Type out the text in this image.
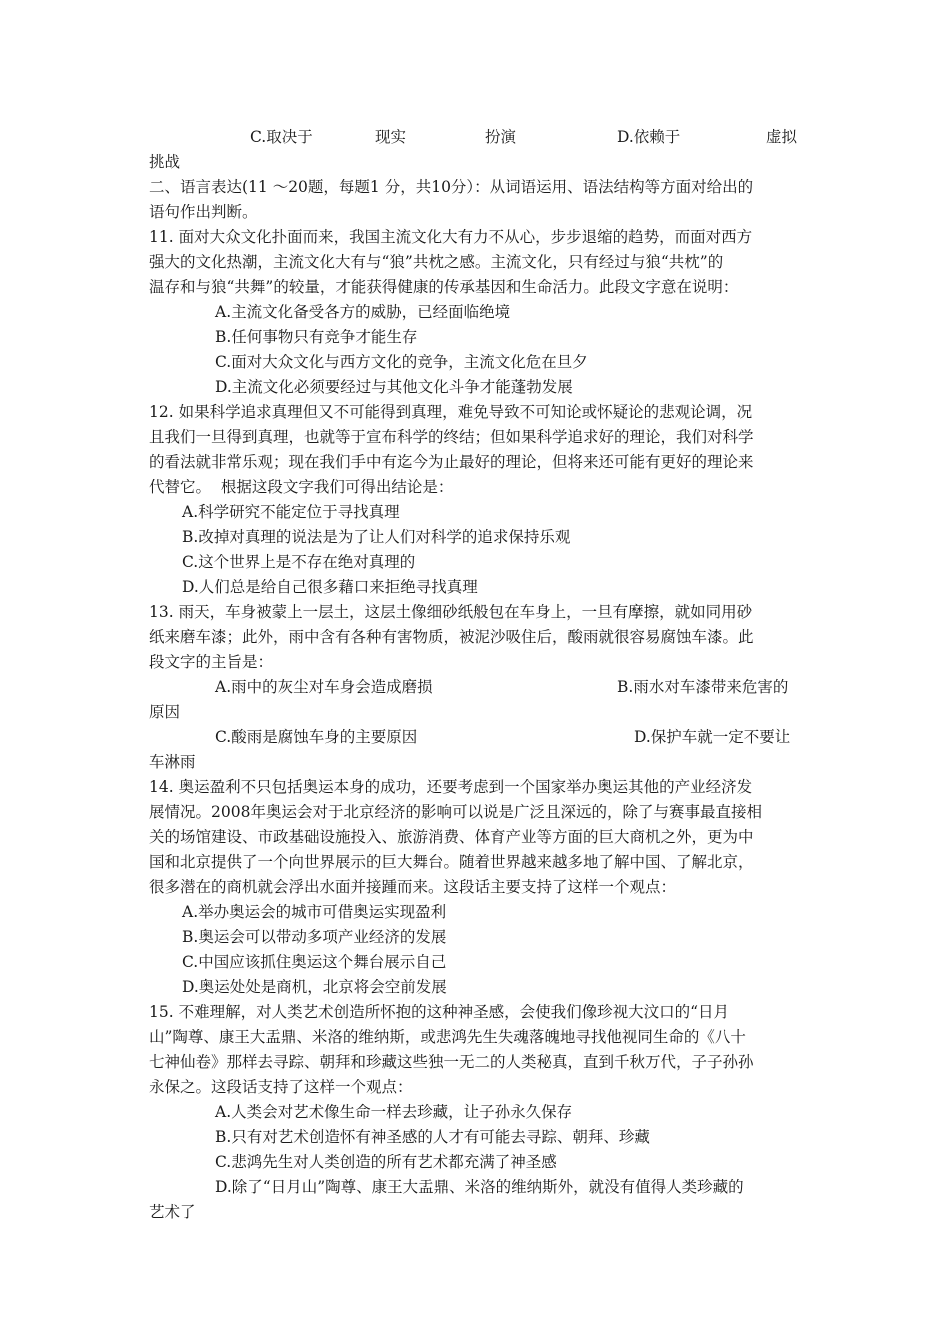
C.取决于	现实	扮演	D.依赖于	虚拟
挑战
二、语言表达(11 ～20题，每题1 分，共10分）：从词语运用、语法结构等方面对给出的
语句作出判断。
11. 面对大众文化扑面而来，我国主流文化大有力不从心，步步退缩的趋势，而面对西方
强大的文化热潮，主流文化大有与“狼”共枕之感。主流文化，只有经过与狼“共枕”的
温存和与狼“共舞”的较量，才能获得健康的传承基因和生命活力。此段文字意在说明：
A.主流文化备受各方的威胁，已经面临绝境
B.任何事物只有竞争才能生存
C.面对大众文化与西方文化的竞争，主流文化危在旦夕
D.主流文化必须要经过与其他文化斗争才能蓬勃发展
12. 如果科学追求真理但又不可能得到真理，难免导致不可知论或怀疑论的悲观论调，况
且我们一旦得到真理，也就等于宣布科学的终结；但如果科学追求好的理论，我们对科学
的看法就非常乐观；现在我们手中有迄今为止最好的理论，但将来还可能有更好的理论来
代替它。  根据这段文字我们可得出结论是：
A.科学研究不能定位于寻找真理
B.改掉对真理的说法是为了让人们对科学的追求保持乐观
C.这个世界上是不存在绝对真理的
D.人们总是给自己很多藉口来拒绝寻找真理
13. 雨天，车身被蒙上一层土，这层土像细砂纸般包在车身上，一旦有摩擦，就如同用砂
纸来磨车漆；此外，雨中含有各种有害物质，被泥沙吸住后，酸雨就很容易腐蚀车漆。此
段文字的主旨是：
A.雨中的灰尘对车身会造成磨损	B.雨水对车漆带来危害的
原因
C.酸雨是腐蚀车身的主要原因	D.保护车就一定不要让
车淋雨
14. 奥运盈利不只包括奥运本身的成功，还要考虑到一个国家举办奥运其他的产业经济发
展情况。2008年奥运会对于北京经济的影响可以说是广泛且深远的，除了与赛事最直接相
关的场馆建设、市政基础设施投入、旅游消费、体育产业等方面的巨大商机之外，更为中
国和北京提供了一个向世界展示的巨大舞台。随着世界越来越多地了解中国、了解北京，
很多潜在的商机就会浮出水面并接踵而来。这段话主要支持了这样一个观点：
A.举办奥运会的城市可借奥运实现盈利
B.奥运会可以带动多项产业经济的发展
C.中国应该抓住奥运这个舞台展示自己
D.奥运处处是商机，北京将会空前发展
15. 不难理解，对人类艺术创造所怀抱的这种神圣感，会使我们像珍视大汶口的“日月
山”陶尊、康王大盂鼎、米洛的维纳斯，或悲鸿先生失魂落魄地寻找他视同生命的《八十
七神仙卷》那样去寻踪、朝拜和珍藏这些独一无二的人类秘真，直到千秋万代，子子孙孙
永保之。这段话支持了这样一个观点：
A.人类会对艺术像生命一样去珍藏，让子孙永久保存
B.只有对艺术创造怀有神圣感的人才有可能去寻踪、朝拜、珍藏
C.悲鸿先生对人类创造的所有艺术都充满了神圣感
D.除了“日月山”陶尊、康王大盂鼎、米洛的维纳斯外，就没有值得人类珍藏的
艺术了
